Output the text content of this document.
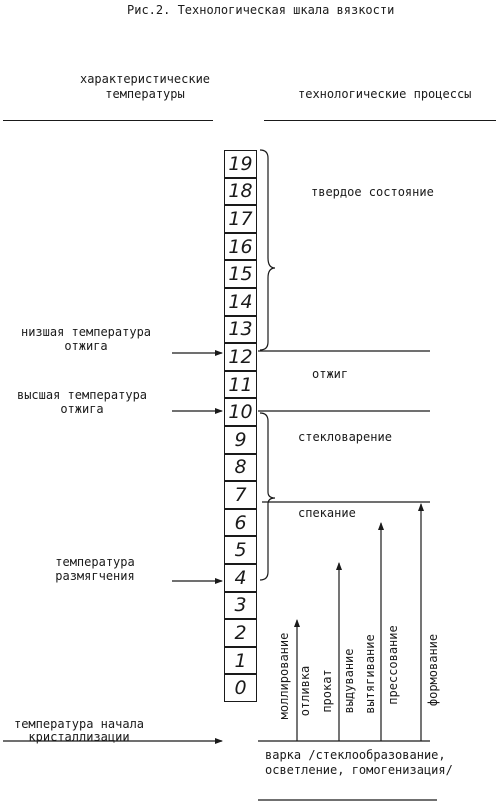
Рис.2. Технологическая шкала вязкости
характеристические
температуры	технологические процессы
19
18
17
16
15
14
13
12
11
10
9
8
7
6
5
4
3
2
1
0
низшая температура
отжига
высшая температура
отжига
температура
размягчения
температура начала
кристаллизации
твердое состояние
отжиг
стекловарение
спекание
варка /стеклообразование,
осветление, гомогенизация/
моллирование отливка прокат выдувание вытягивание прессование формование
